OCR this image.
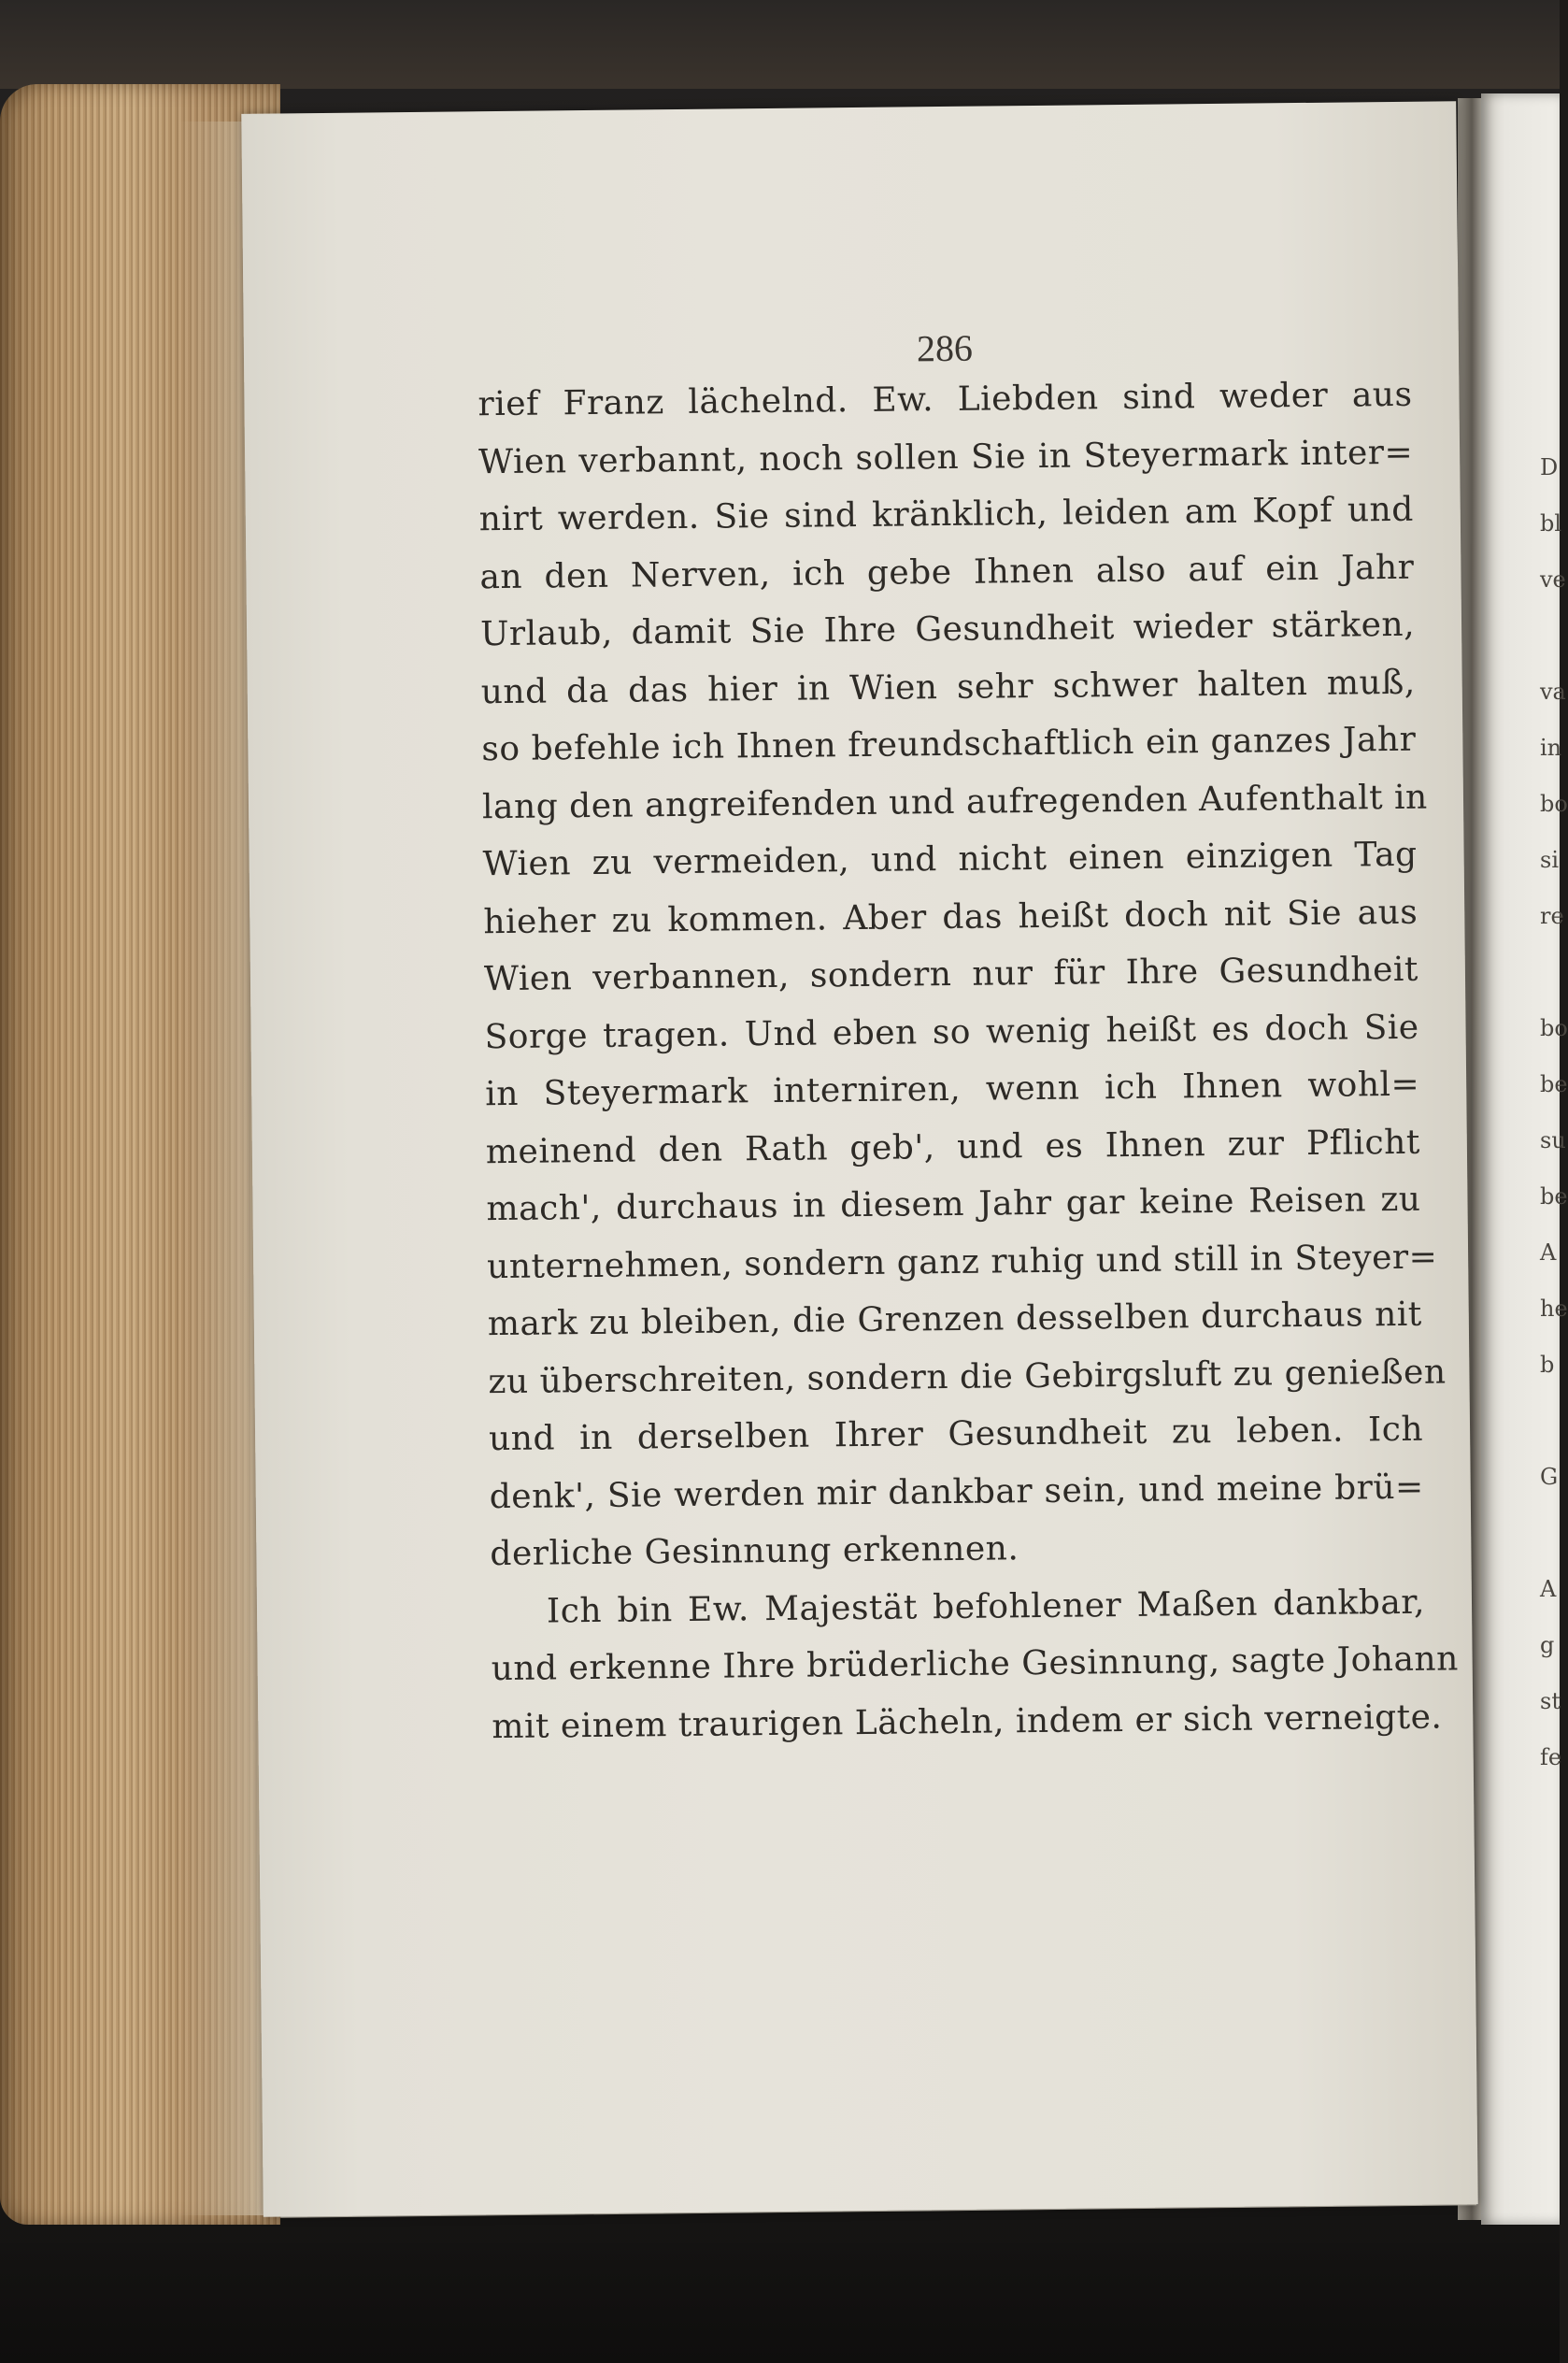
D
bl
ve

va
in
bo
si
re

bo
be
su
be
A
he
b

G

A
g
st
fe
286
rief Franz lächelnd. Ew. Liebden sind weder aus
Wien verbannt, noch sollen Sie in Steyermark inter=
nirt werden. Sie sind kränklich, leiden am Kopf und
an den Nerven, ich gebe Ihnen also auf ein Jahr
Urlaub, damit Sie Ihre Gesundheit wieder stärken,
und da das hier in Wien sehr schwer halten muß,
so befehle ich Ihnen freundschaftlich ein ganzes Jahr
lang den angreifenden und aufregenden Aufenthalt in
Wien zu vermeiden, und nicht einen einzigen Tag
hieher zu kommen. Aber das heißt doch nit Sie aus
Wien verbannen, sondern nur für Ihre Gesundheit
Sorge tragen. Und eben so wenig heißt es doch Sie
in Steyermark interniren, wenn ich Ihnen wohl=
meinend den Rath geb', und es Ihnen zur Pflicht
mach', durchaus in diesem Jahr gar keine Reisen zu
unternehmen, sondern ganz ruhig und still in Steyer=
mark zu bleiben, die Grenzen desselben durchaus nit
zu überschreiten, sondern die Gebirgsluft zu genießen
und in derselben Ihrer Gesundheit zu leben. Ich
denk', Sie werden mir dankbar sein, und meine brü=
derliche Gesinnung erkennen.
Ich bin Ew. Majestät befohlener Maßen dankbar,
und erkenne Ihre brüderliche Gesinnung, sagte Johann
mit einem traurigen Lächeln, indem er sich verneigte.
